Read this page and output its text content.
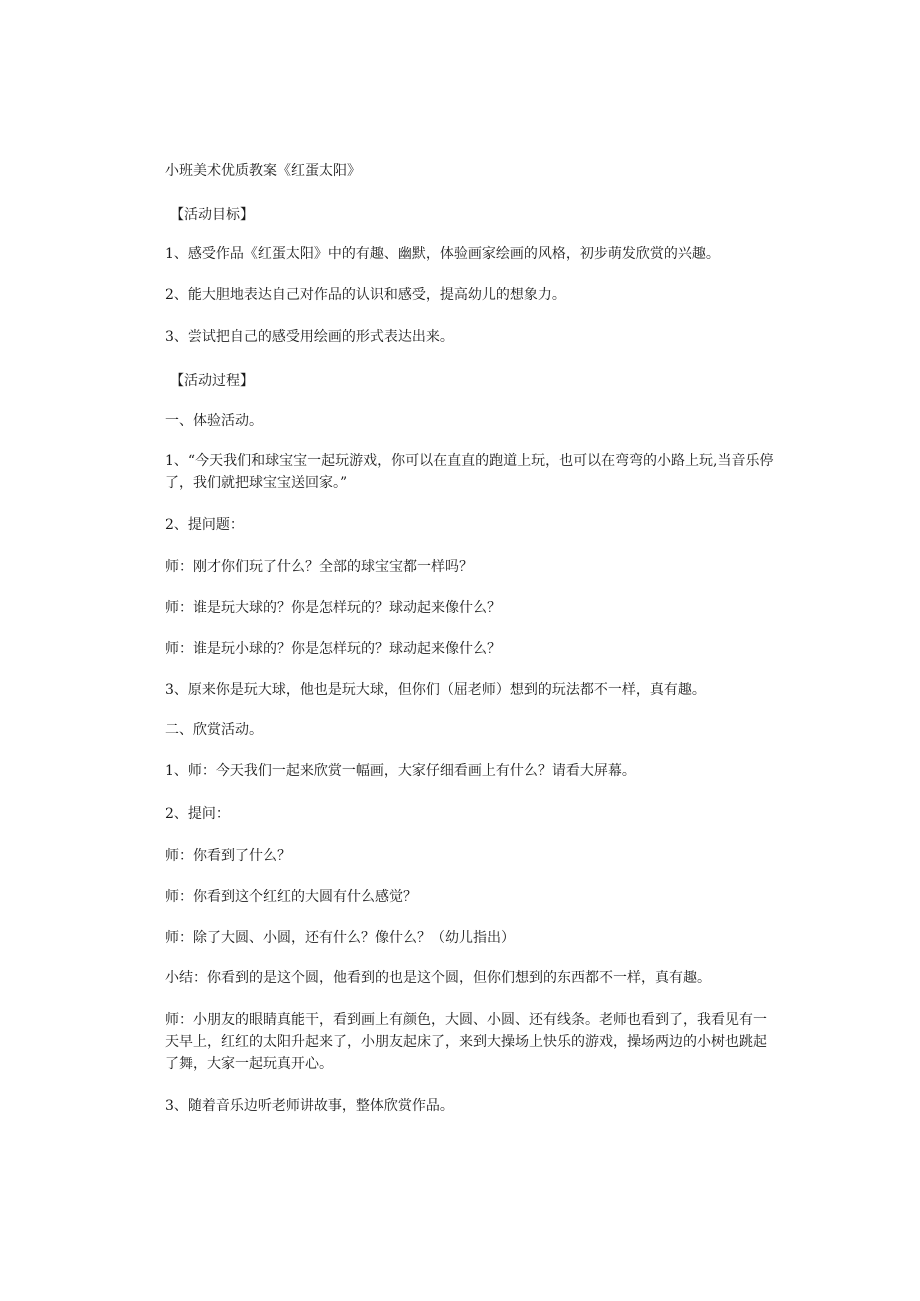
小班美术优质教案《红蛋太阳》

【活动目标】

1、感受作品《红蛋太阳》中的有趣、幽默，体验画家绘画的风格，初步萌发欣赏的兴趣。

2、能大胆地表达自己对作品的认识和感受，提高幼儿的想象力。

3、尝试把自己的感受用绘画的形式表达出来。

【活动过程】

一、体验活动。

1、“今天我们和球宝宝一起玩游戏，你可以在直直的跑道上玩，也可以在弯弯的小路上玩,当音乐停了，我们就把球宝宝送回家。”

2、提问题：

师：刚才你们玩了什么？全部的球宝宝都一样吗？

师：谁是玩大球的？你是怎样玩的？球动起来像什么？

师：谁是玩小球的？你是怎样玩的？球动起来像什么？

3、原来你是玩大球，他也是玩大球，但你们（屈老师）想到的玩法都不一样，真有趣。

二、欣赏活动。

1、师：今天我们一起来欣赏一幅画，大家仔细看画上有什么？请看大屏幕。

2、提问：

师：你看到了什么？

师：你看到这个红红的大圆有什么感觉？

师：除了大圆、小圆，还有什么？像什么？（幼儿指出）

小结：你看到的是这个圆，他看到的也是这个圆，但你们想到的东西都不一样，真有趣。

师：小朋友的眼睛真能干，看到画上有颜色，大圆、小圆、还有线条。老师也看到了，我看见有一天早上，红红的太阳升起来了，小朋友起床了，来到大操场上快乐的游戏，操场两边的小树也跳起了舞，大家一起玩真开心。

3、随着音乐边听老师讲故事，整体欣赏作品。
